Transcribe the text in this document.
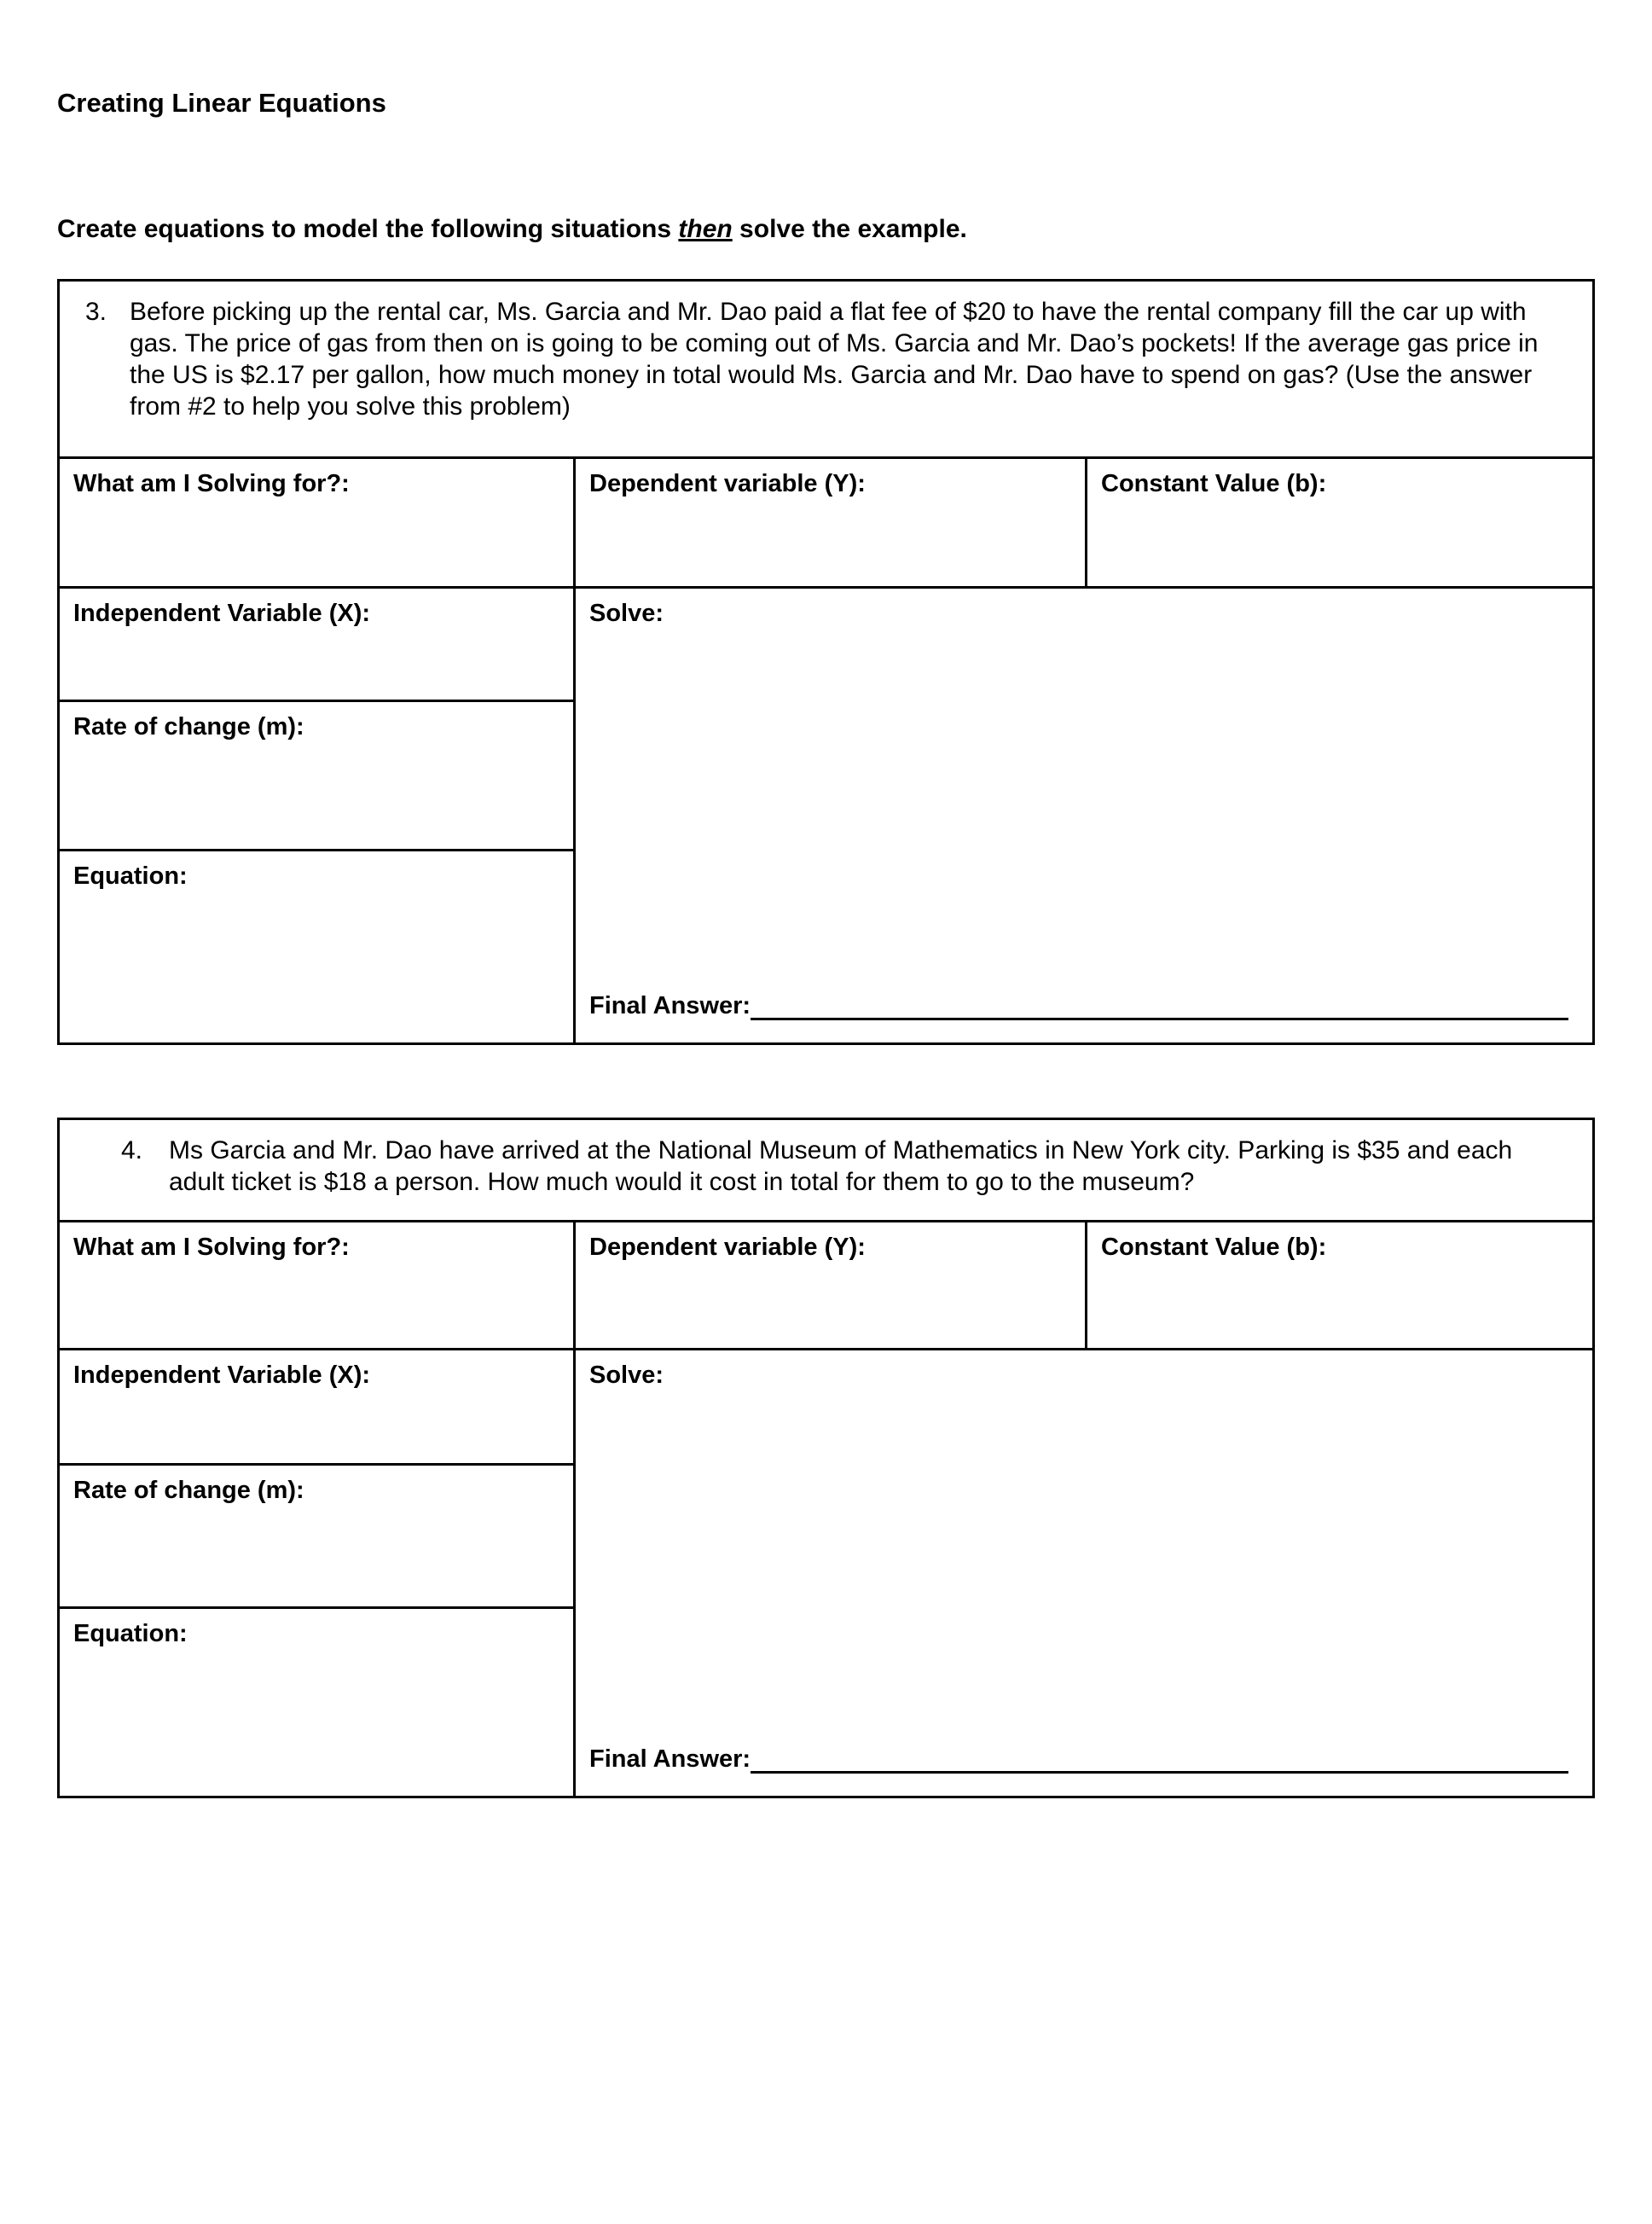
Creating Linear Equations

Create equations to model the following situations then solve the example.

3. Before picking up the rental car, Ms. Garcia and Mr. Dao paid a flat fee of $20 to have the rental company fill the car up with gas. The price of gas from then on is going to be coming out of Ms. Garcia and Mr. Dao’s pockets! If the average gas price in the US is $2.17 per gallon, how much money in total would Ms. Garcia and Mr. Dao have to spend on gas? (Use the answer from #2 to help you solve this problem)
What am I Solving for?:	Dependent variable (Y):	Constant Value (b):
Independent Variable (X):
Rate of change (m):
Equation:
Solve:
Final Answer:
4.	Ms Garcia and Mr. Dao have arrived at the National Museum of Mathematics in New York city. Parking is $35 and each adult ticket is $18 a person. How much would it cost in total for them to go to the museum?
What am I Solving for?:	Dependent variable (Y):	Constant Value (b):
Independent Variable (X):
Rate of change (m):
Equation:
Solve:
Final Answer:
